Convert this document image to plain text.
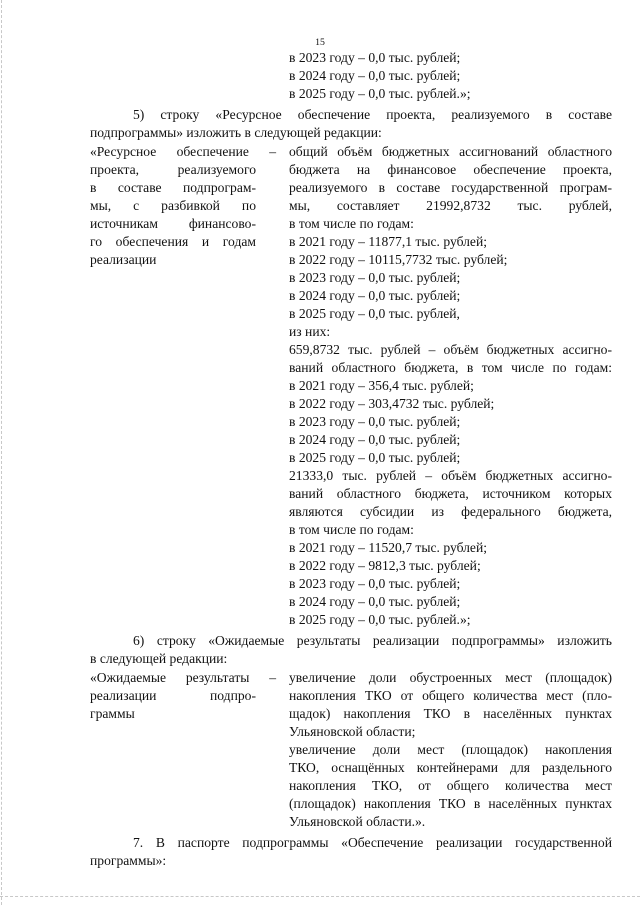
15
в 2023 году – 0,0 тыс. рублей;
в 2024 году – 0,0 тыс. рублей;
в 2025 году – 0,0 тыс. рублей.»;
5) строку «Ресурсное обеспечение проекта, реализуемого в составе
подпрограммы» изложить в следующей редакции:
«Ресурсное обеспечение –
проекта, реализуемого
в составе подпрограм-
мы, с разбивкой по
источникам финансово-
го обеспечения и годам
реализации
общий объём бюджетных ассигнований областного
бюджета на финансовое обеспечение проекта,
реализуемого в составе государственной програм-
мы, составляет 21992,8732 тыс. рублей,
в том числе по годам:
в 2021 году – 11877,1 тыс. рублей;
в 2022 году – 10115,7732 тыс. рублей;
в 2023 году – 0,0 тыс. рублей;
в 2024 году – 0,0 тыс. рублей;
в 2025 году – 0,0 тыс. рублей,
из них:
659,8732 тыс. рублей – объём бюджетных ассигно-
ваний областного бюджета, в том числе по годам:
в 2021 году – 356,4 тыс. рублей;
в 2022 году – 303,4732 тыс. рублей;
в 2023 году – 0,0 тыс. рублей;
в 2024 году – 0,0 тыс. рублей;
в 2025 году – 0,0 тыс. рублей;
21333,0 тыс. рублей – объём бюджетных ассигно-
ваний областного бюджета, источником которых
являются субсидии из федерального бюджета,
в том числе по годам:
в 2021 году – 11520,7 тыс. рублей;
в 2022 году – 9812,3 тыс. рублей;
в 2023 году – 0,0 тыс. рублей;
в 2024 году – 0,0 тыс. рублей;
в 2025 году – 0,0 тыс. рублей.»;
6) строку «Ожидаемые результаты реализации подпрограммы» изложить
в следующей редакции:
«Ожидаемые результаты –
реализации подпро-
граммы
увеличение доли обустроенных мест (площадок)
накопления ТКО от общего количества мест (пло-
щадок) накопления ТКО в населённых пунктах
Ульяновской области;
увеличение доли мест (площадок) накопления
ТКО, оснащённых контейнерами для раздельного
накопления ТКО, от общего количества мест
(площадок) накопления ТКО в населённых пунктах
Ульяновской области.».
7. В паспорте подпрограммы «Обеспечение реализации государственной
программы»:
